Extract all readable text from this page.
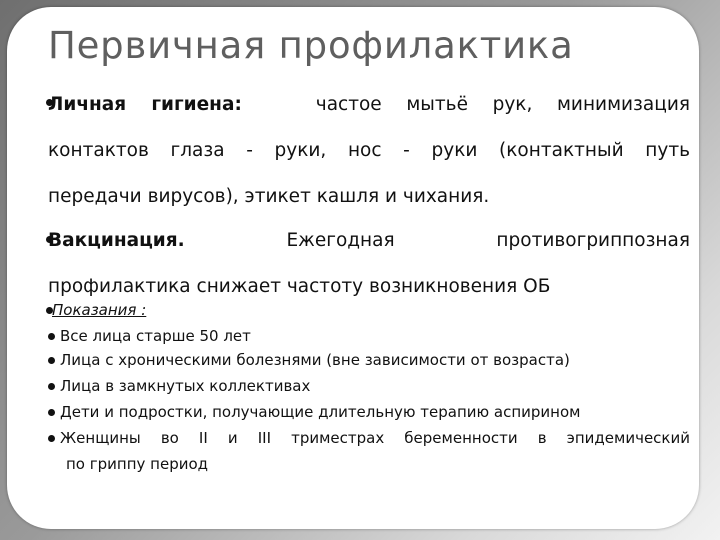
Первичная профилактика
Личная гигиена:	частое мытьё рук, минимизация
контактов глаза - руки, нос - руки (контактный путь
передачи вирусов), этикет кашля и чихания.
Вакцинация.	Ежегодная противогриппозная
профилактика снижает частоту возникновения ОБ
Показания :
Все лица старше 50 лет
Лица с хроническими болезнями (вне зависимости от возраста)
Лица в замкнутых коллективах
Дети и подростки, получающие длительную терапию аспирином
Женщины во II и III триместрах беременности в эпидемический
по гриппу период
